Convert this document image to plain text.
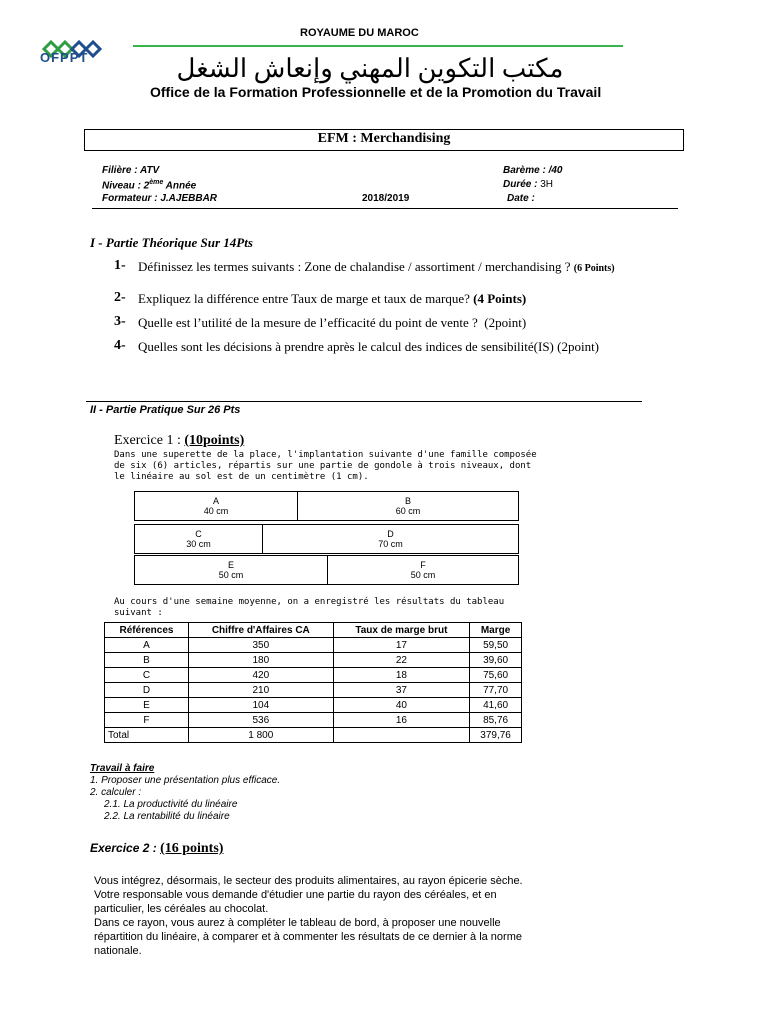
OFPPT
ROYAUME DU MAROC
مكتب التكوين المهني وإنعاش الشغل
Office de la Formation Professionnelle et de la Promotion du Travail
EFM : Merchandising
Filière : ATV
Niveau : 2ème Année
Formateur : J.AJEBBAR	2018/2019
Barème : /40
Durée : 3H
Date :
I - Partie Théorique Sur 14Pts
1- Définissez les termes suivants : Zone de chalandise / assortiment / merchandising ? (6 Points)
2- Expliquez la différence entre Taux de marge et taux de marque? (4 Points)
3- Quelle est l’utilité de la mesure de l’efficacité du point de vente ? (2point)
4- Quelles sont les décisions à prendre après le calcul des indices de sensibilité(IS) (2point)
II - Partie Pratique Sur 26 Pts
Exercice 1 : (10points)
Dans une superette de la place, l'implantation suivante d'une famille composée de six (6) articles, répartis sur une partie de gondole à trois niveaux, dont le linéaire au sol est de un centimètre (1 cm).
A
40 cm
B
60 cm
C
30 cm
D
70 cm
E
50 cm
F
50 cm
Au cours d'une semaine moyenne, on a enregistré les résultats du tableau suivant :
Références	Chiffre d'Affaires CA	Taux de marge brut	Marge
A	350	17	59,50
B	180	22	39,60
C	420	18	75,60
D	210	37	77,70
E	104	40	41,60
F	536	16	85,76
Total	1 800		379,76
Travail à faire
1. Proposer une présentation plus efficace.
2. calculer :
2.1. La productivité du linéaire
2.2. La rentabilité du linéaire
Exercice 2 : (16 points)
Vous intégrez, désormais, le secteur des produits alimentaires, au rayon épicerie sèche.
Votre responsable vous demande d'étudier une partie du rayon des céréales, et en
particulier, les céréales au chocolat.
Dans ce rayon, vous aurez à compléter le tableau de bord, à proposer une nouvelle
répartition du linéaire, à comparer et à commenter les résultats de ce dernier à la norme
nationale.
